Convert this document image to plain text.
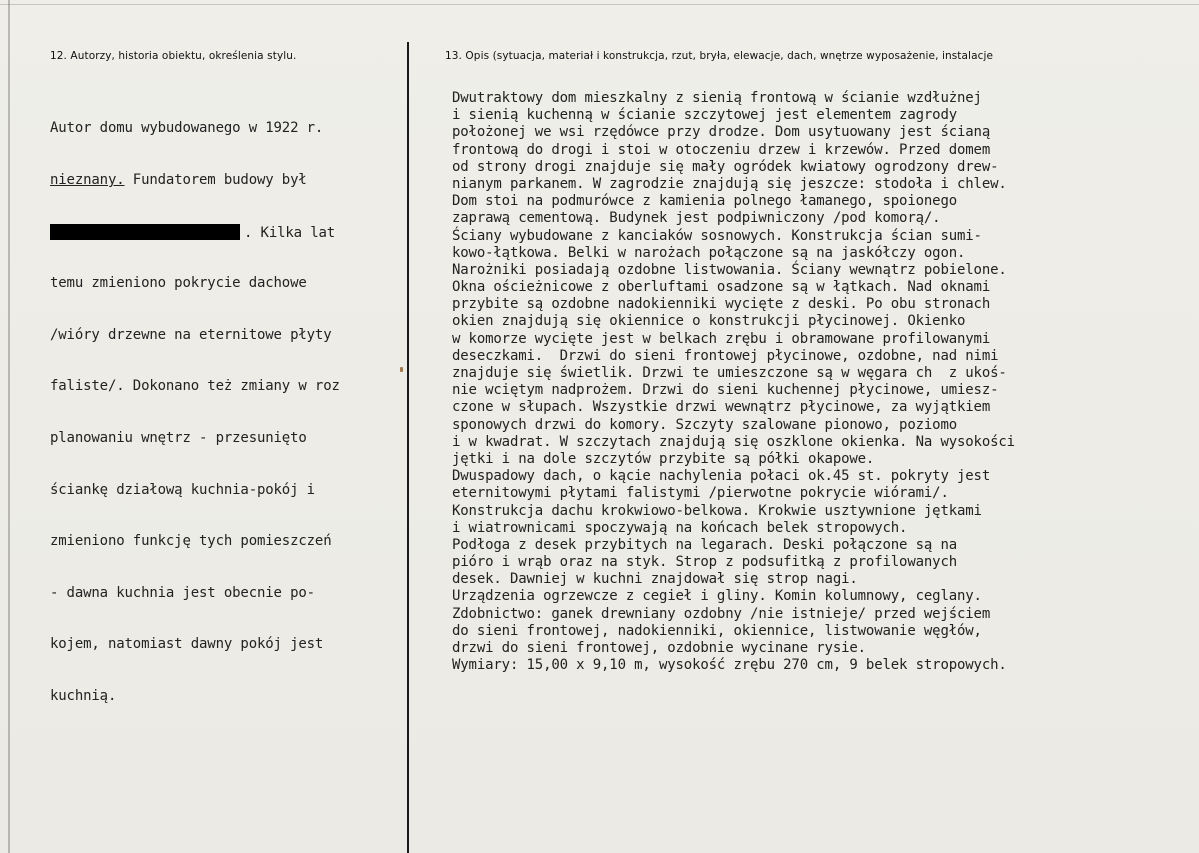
12. Autorzy, historia obiektu, określenia stylu.	13. Opis (sytuacja, materiał i konstrukcja, rzut, bryła, elewacje, dach, wnętrze wyposażenie, instalacje

Autor domu wybudowanego w 1922 r.

nieznany. Fundatorem budowy był

. Kilka lat

temu zmieniono pokrycie dachowe

/wióry drzewne na eternitowe płyty

faliste/. Dokonano też zmiany w roz

planowaniu wnętrz - przesunięto

ściankę działową kuchnia-pokój i

zmieniono funkcję tych pomieszczeń

- dawna kuchnia jest obecnie po-

kojem, natomiast dawny pokój jest

kuchnią.

Dwutraktowy dom mieszkalny z sienią frontową w ścianie wzdłużnej
i sienią kuchenną w ścianie szczytowej jest elementem zagrody
położonej we wsi rzędówce przy drodze. Dom usytuowany jest ścianą
frontową do drogi i stoi w otoczeniu drzew i krzewów. Przed domem
od strony drogi znajduje się mały ogródek kwiatowy ogrodzony drew-
nianym parkanem. W zagrodzie znajdują się jeszcze: stodoła i chlew.
Dom stoi na podmurówce z kamienia polnego łamanego, spoionego
zaprawą cementową. Budynek jest podpiwniczony /pod komorą/.
Ściany wybudowane z kanciaków sosnowych. Konstrukcja ścian sumi-
kowo-łątkowa. Belki w narożach połączone są na jaskółczy ogon.
Narożniki posiadają ozdobne listwowania. Ściany wewnątrz pobielone.
Okna ościeżnicowe z oberluftami osadzone są w łątkach. Nad oknami
przybite są ozdobne nadokienniki wycięte z deski. Po obu stronach
okien znajdują się okiennice o konstrukcji płycinowej. Okienko
w komorze wycięte jest w belkach zrębu i obramowane profilowanymi
deseczkami.  Drzwi do sieni frontowej płycinowe, ozdobne, nad nimi
znajduje się świetlik. Drzwi te umieszczone są w węgara ch  z ukoś-
nie wciętym nadprożem. Drzwi do sieni kuchennej płycinowe, umiesz-
czone w słupach. Wszystkie drzwi wewnątrz płycinowe, za wyjątkiem
sponowych drzwi do komory. Szczyty szalowane pionowo, poziomo
i w kwadrat. W szczytach znajdują się oszklone okienka. Na wysokości
jętki i na dole szczytów przybite są półki okapowe.
Dwuspadowy dach, o kącie nachylenia połaci ok.45 st. pokryty jest
eternitowymi płytami falistymi /pierwotne pokrycie wiórami/.
Konstrukcja dachu krokwiowo-belkowa. Krokwie usztywnione jętkami
i wiatrownicami spoczywają na końcach belek stropowych.
Podłoga z desek przybitych na legarach. Deski połączone są na
pióro i wrąb oraz na styk. Strop z podsufitką z profilowanych
desek. Dawniej w kuchni znajdował się strop nagi.
Urządzenia ogrzewcze z cegieł i gliny. Komin kolumnowy, ceglany.
Zdobnictwo: ganek drewniany ozdobny /nie istnieje/ przed wejściem
do sieni frontowej, nadokienniki, okiennice, listwowanie węgłów,
drzwi do sieni frontowej, ozdobnie wycinane rysie.
Wymiary: 15,00 x 9,10 m, wysokość zrębu 270 cm, 9 belek stropowych.
